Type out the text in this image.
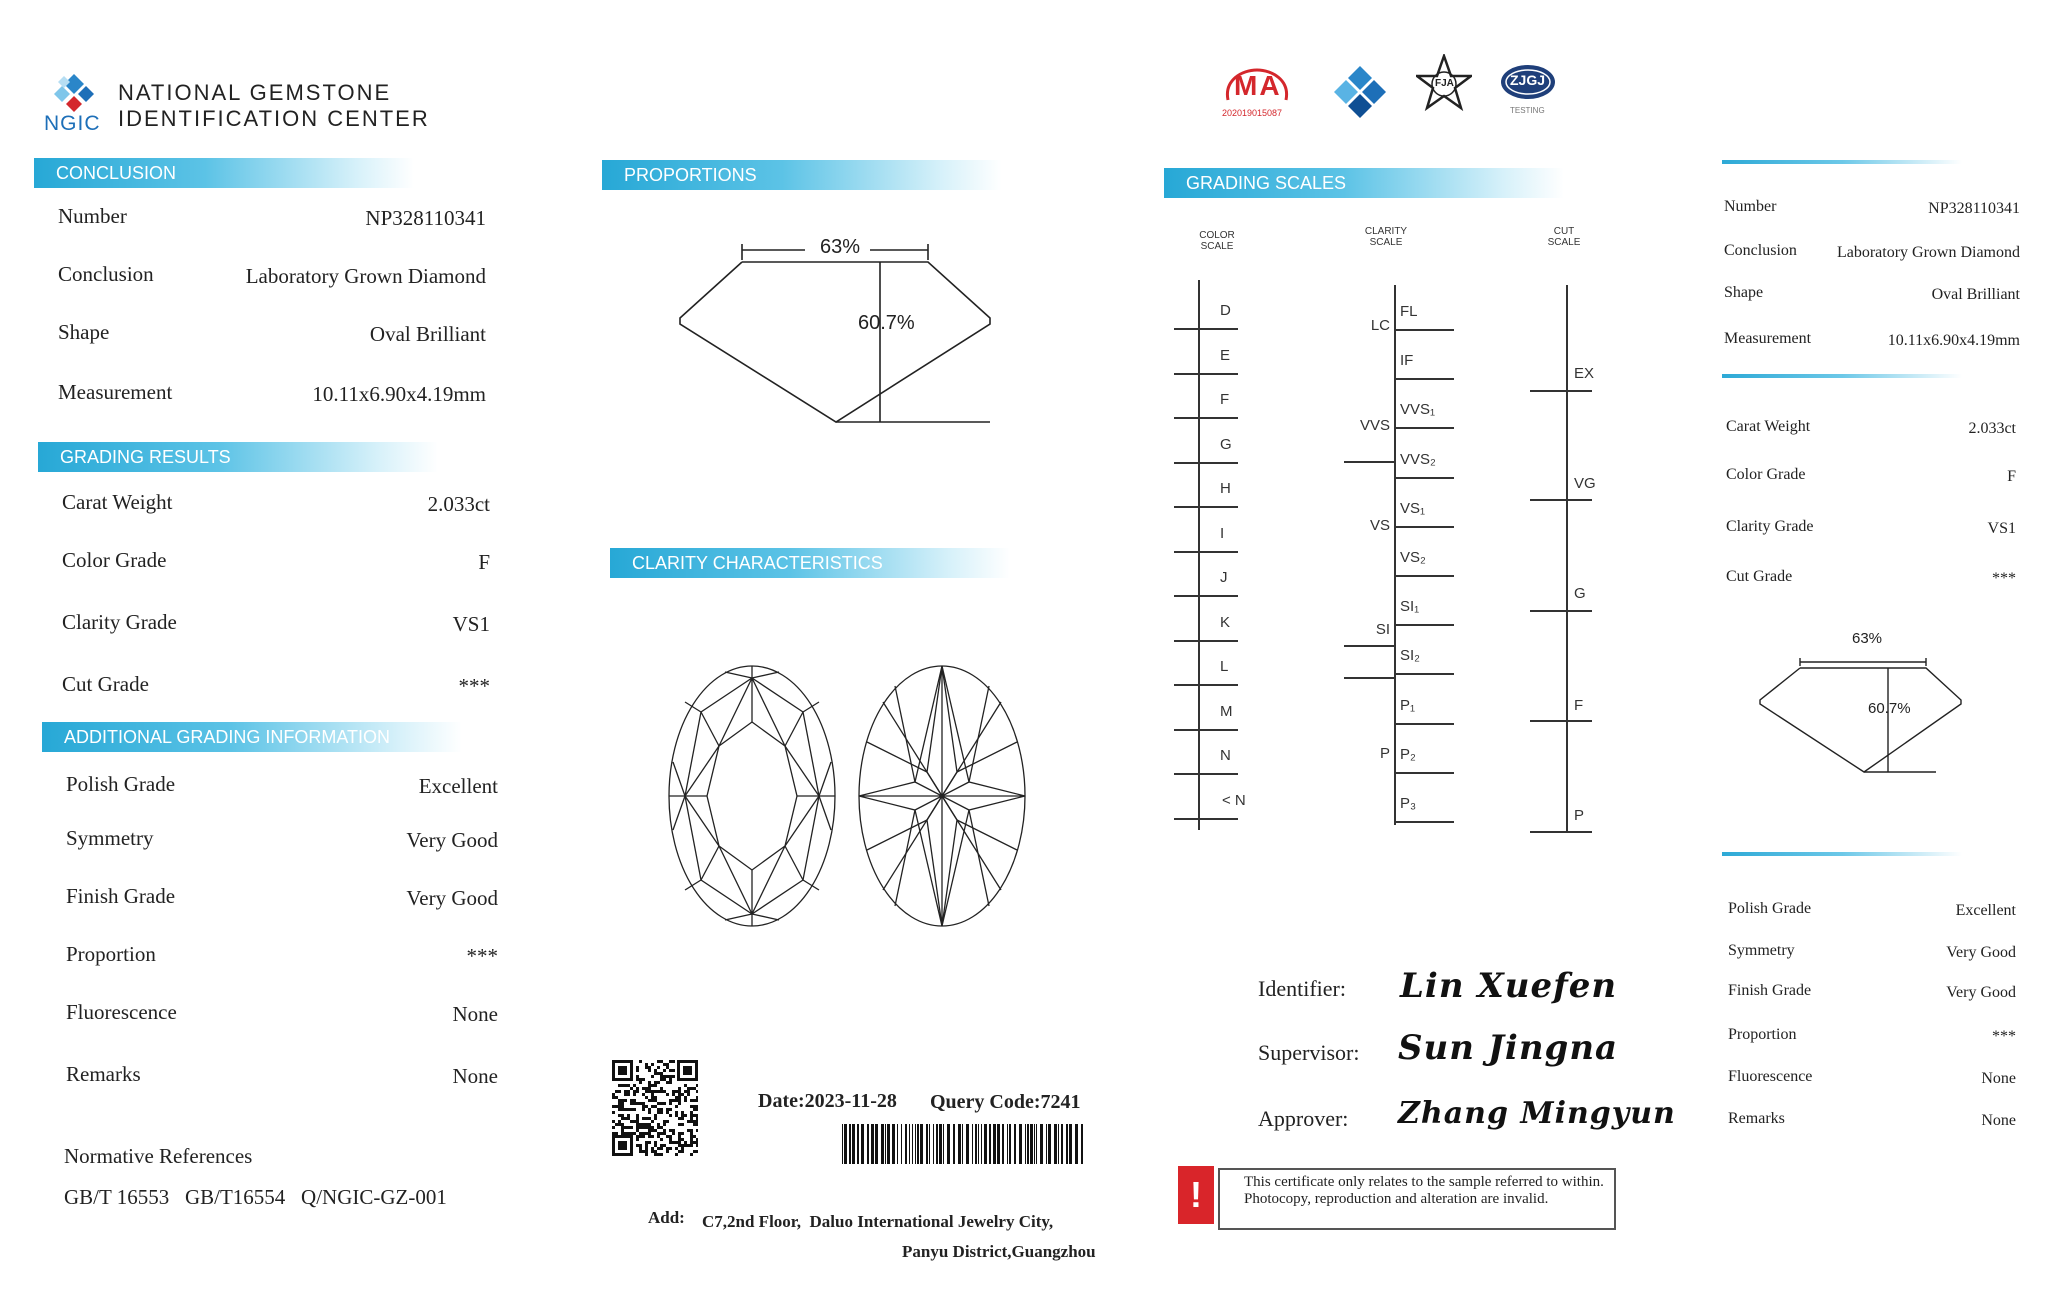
NGIC
NATIONAL GEMSTONE
IDENTIFICATION CENTER
CONCLUSION
Number	NP328110341
Conclusion	Laboratory Grown Diamond
Shape	Oval Brilliant
Measurement	10.11x6.90x4.19mm
GRADING RESULTS
Carat Weight	2.033ct
Color Grade	F
Clarity Grade	VS1
Cut Grade	***
ADDITIONAL GRADING INFORMATION
Polish Grade	Excellent
Symmetry	Very Good
Finish Grade	Very Good
Proportion	***
Fluorescence	None
Remarks	None
Normative References
GB/T 16553   GB/T16554   Q/NGIC-GZ-001
PROPORTIONS
63%
60.7%
CLARITY CHARACTERISTICS
Date:2023-11-28 Query Code:7241
Add: C7,2nd Floor,  Daluo International Jewelry City,
Panyu District,Guangzhou
MA
202019015087
FJA	ZJGJ
TESTING
GRADING SCALES
COLOR
SCALE
CLARITY
SCALE
CUT
SCALE
D
E
F
G
H
I
J
K
L
M
N
< N
FL
IF
VVS₁
VVS₂
VS₁
VS₂
SI₁
SI₂
P₁
P₂
P₃
LC
VVS
VS
SI
P
EX
VG
G
F
P
Identifier: Lin Xuefen
Supervisor: Sun Jingna
Approver: Zhang Mingyun
!	This certificate only relates to the sample referred to within. Photocopy, reproduction and alteration are invalid.
Number	NP328110341
Conclusion	Laboratory Grown Diamond
Shape	Oval Brilliant
Measurement	10.11x6.90x4.19mm
Carat Weight	2.033ct
Color Grade	F
Clarity Grade	VS1
Cut Grade	***
63%
60.7%
Polish Grade	Excellent
Symmetry	Very Good
Finish Grade	Very Good
Proportion	***
Fluorescence	None
Remarks	None
